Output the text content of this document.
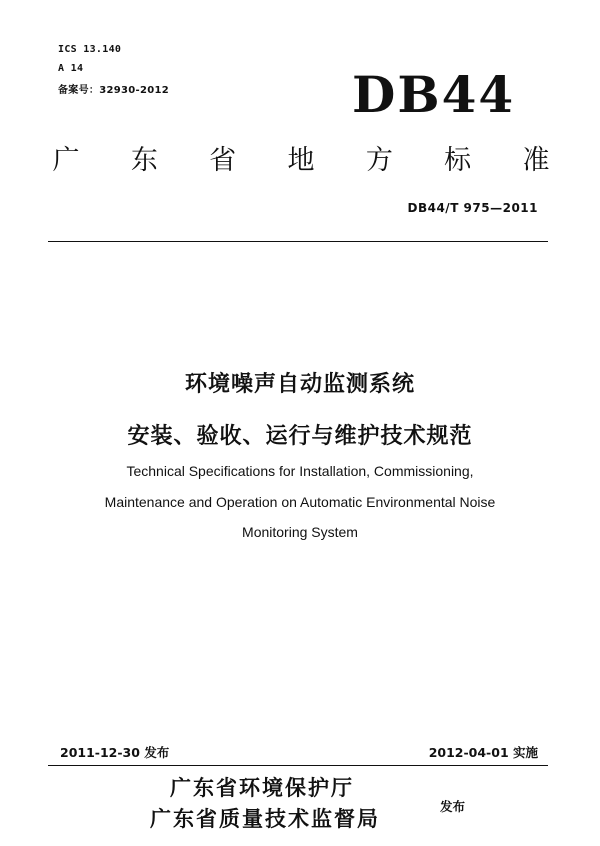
ICS 13.140
A 14
备案号：32930-2012	DB44
广 东 省 地 方 标 准
DB44/T 975—2011
环境噪声自动监测系统
安装、验收、运行与维护技术规范
Technical Specifications for Installation, Commissioning,
Maintenance and Operation on Automatic Environmental Noise
Monitoring System
2011-12-30 发布	2012-04-01 实施
广东省环境保护厅
广东省质量技术监督局	发布
